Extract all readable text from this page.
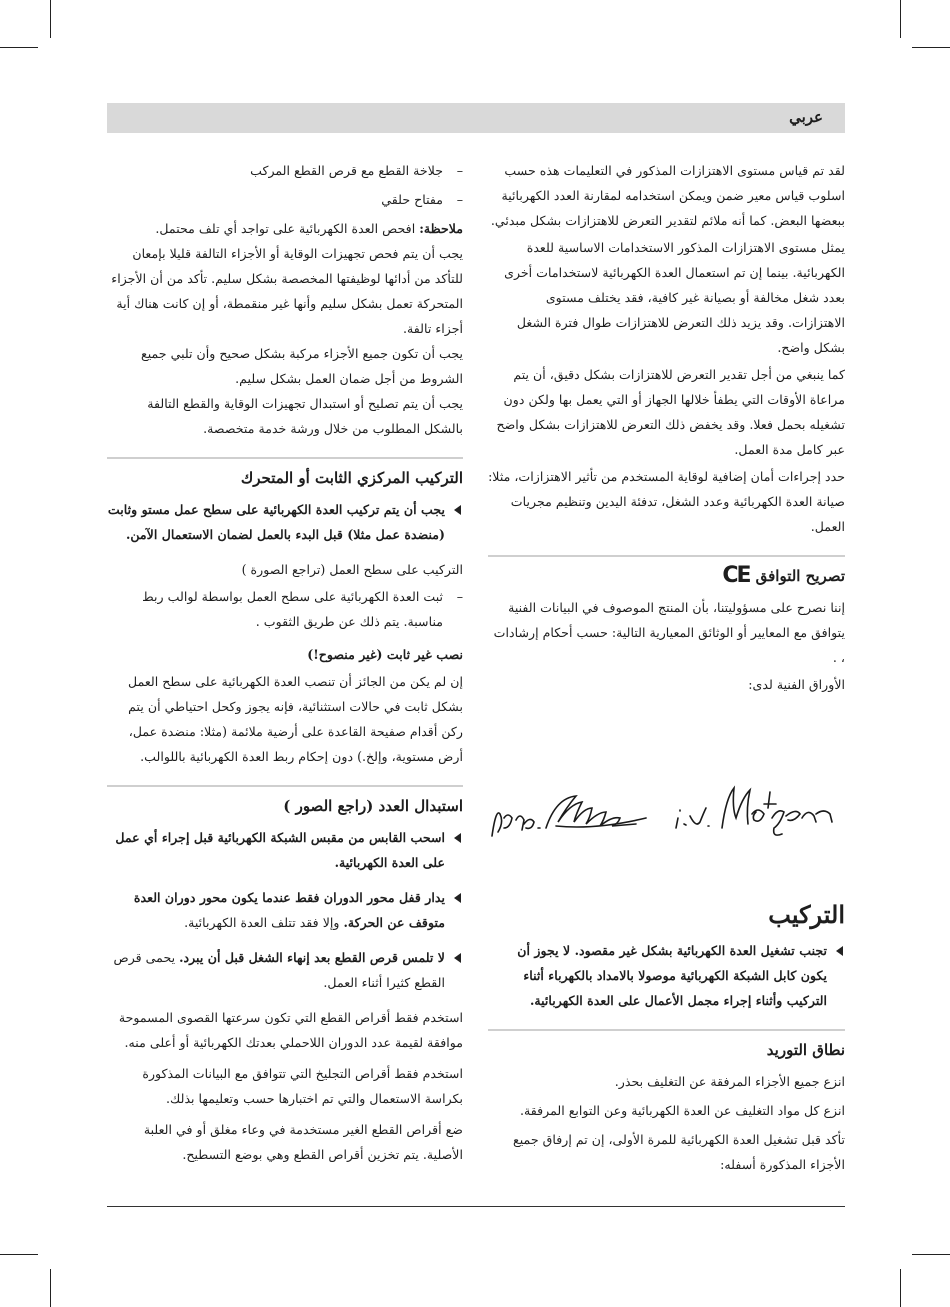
عربي

لقد تم قياس مستوى الاهتزازات المذكور في التعليمات هذه حسب اسلوب قياس معير ضمن ويمكن استخدامه لمقارنة العدد الكهربائية ببعضها البعض. كما أنه ملائم لتقدير التعرض للاهتزازات بشكل مبدئي.

يمثل مستوى الاهتزازات المذكور الاستخدامات الاساسية للعدة الكهربائية. بينما إن تم استعمال العدة الكهربائية لاستخدامات أخرى بعدد شغل مخالفة أو بصيانة غير كافية، فقد يختلف مستوى الاهتزازات. وقد يزيد ذلك التعرض للاهتزازات طوال فترة الشغل بشكل واضح.

كما ينبغي من أجل تقدير التعرض للاهتزازات بشكل دقيق، أن يتم مراعاة الأوقات التي يطفأ خلالها الجهاز أو التي يعمل بها ولكن دون تشغيله بحمل فعلا. وقد يخفض ذلك التعرض للاهتزازات بشكل واضح عبر كامل مدة العمل.

حدد إجراءات أمان إضافية لوقاية المستخدم من تأثير الاهتزازات، مثلا: صيانة العدة الكهربائية وعدد الشغل، تدفئة اليدين وتنظيم مجريات العمل.

تصريح التوافق
CE

إننا نصرح على مسؤوليتنا، بأن المنتج الموصوف في البيانات الفنية يتوافق مع المعايير أو الوثائق المعيارية التالية: حسب أحكام إرشادات ، .

الأوراق الفنية لدى:

التركيب
تجنب تشغيل العدة الكهربائية بشكل غير مقصود. لا يجوز أن يكون كابل الشبكة الكهربائية موصولا بالامداد بالكهرباء أثناء التركيب وأثناء إجراء مجمل الأعمال على العدة الكهربائية.
نطاق التوريد

انزع جميع الأجزاء المرفقة عن التغليف بحذر.

انزع كل مواد التغليف عن العدة الكهربائية وعن التوابع المرفقة.

تأكد قبل تشغيل العدة الكهربائية للمرة الأولى، إن تم إرفاق جميع الأجزاء المذكورة أسفله:

–
جلاخة القطع مع قرص القطع المركب
–
مفتاح حلقي

ملاحظة: افحص العدة الكهربائية على تواجد أي تلف محتمل.

يجب أن يتم فحص تجهيزات الوقاية أو الأجزاء التالفة قليلا بإمعان للتأكد من أدائها لوظيفتها المخصصة بشكل سليم. تأكد من أن الأجزاء المتحركة تعمل بشكل سليم وأنها غير منقمطة، أو إن كانت هناك أية أجزاء تالفة.

يجب أن تكون جميع الأجزاء مركبة بشكل صحيح وأن تلبي جميع الشروط من أجل ضمان العمل بشكل سليم.

يجب أن يتم تصليح أو استبدال تجهيزات الوقاية والقطع التالفة بالشكل المطلوب من خلال ورشة خدمة متخصصة.

التركيب المركزي الثابت أو المتحرك
يجب أن يتم تركيب العدة الكهربائية على سطح عمل مستو وثابت (منضدة عمل مثلا) قبل البدء بالعمل لضمان الاستعمال الآمن.

التركيب على سطح العمل (تراجع الصورة )

–
ثبت العدة الكهربائية على سطح العمل بواسطة لوالب ربط مناسبة. يتم ذلك عن طريق الثقوب .

نصب غير ثابت (غير منصوح!)

إن لم يكن من الجائز أن تنصب العدة الكهربائية على سطح العمل بشكل ثابت في حالات استثنائية، فإنه يجوز وكحل احتياطي أن يتم ركن أقدام صفيحة القاعدة على أرضية ملائمة (مثلا: منضدة عمل، أرض مستوية، وإلخ.) دون إحكام ربط العدة الكهربائية باللوالب.

استبدال العدد (راجع الصور )
اسحب القابس من مقبس الشبكة الكهربائية قبل إجراء أي عمل على العدة الكهربائية.
يدار قفل محور الدوران فقط عندما يكون محور دوران العدة متوقف عن الحركة. وإلا فقد تتلف العدة الكهربائية.
لا تلمس قرص القطع بعد إنهاء الشغل قبل أن يبرد. يحمى قرص القطع كثيرا أثناء العمل.

استخدم فقط أقراص القطع التي تكون سرعتها القصوى المسموحة موافقة لقيمة عدد الدوران اللاحملي بعدتك الكهربائية أو أعلى منه.

استخدم فقط أقراص التجليخ التي تتوافق مع البيانات المذكورة بكراسة الاستعمال والتي تم اختبارها حسب وتعليمها بذلك.

ضع أقراص القطع الغير مستخدمة في وعاء مغلق أو في العلبة الأصلية. يتم تخزين أقراص القطع وهي بوضع التسطيح.
